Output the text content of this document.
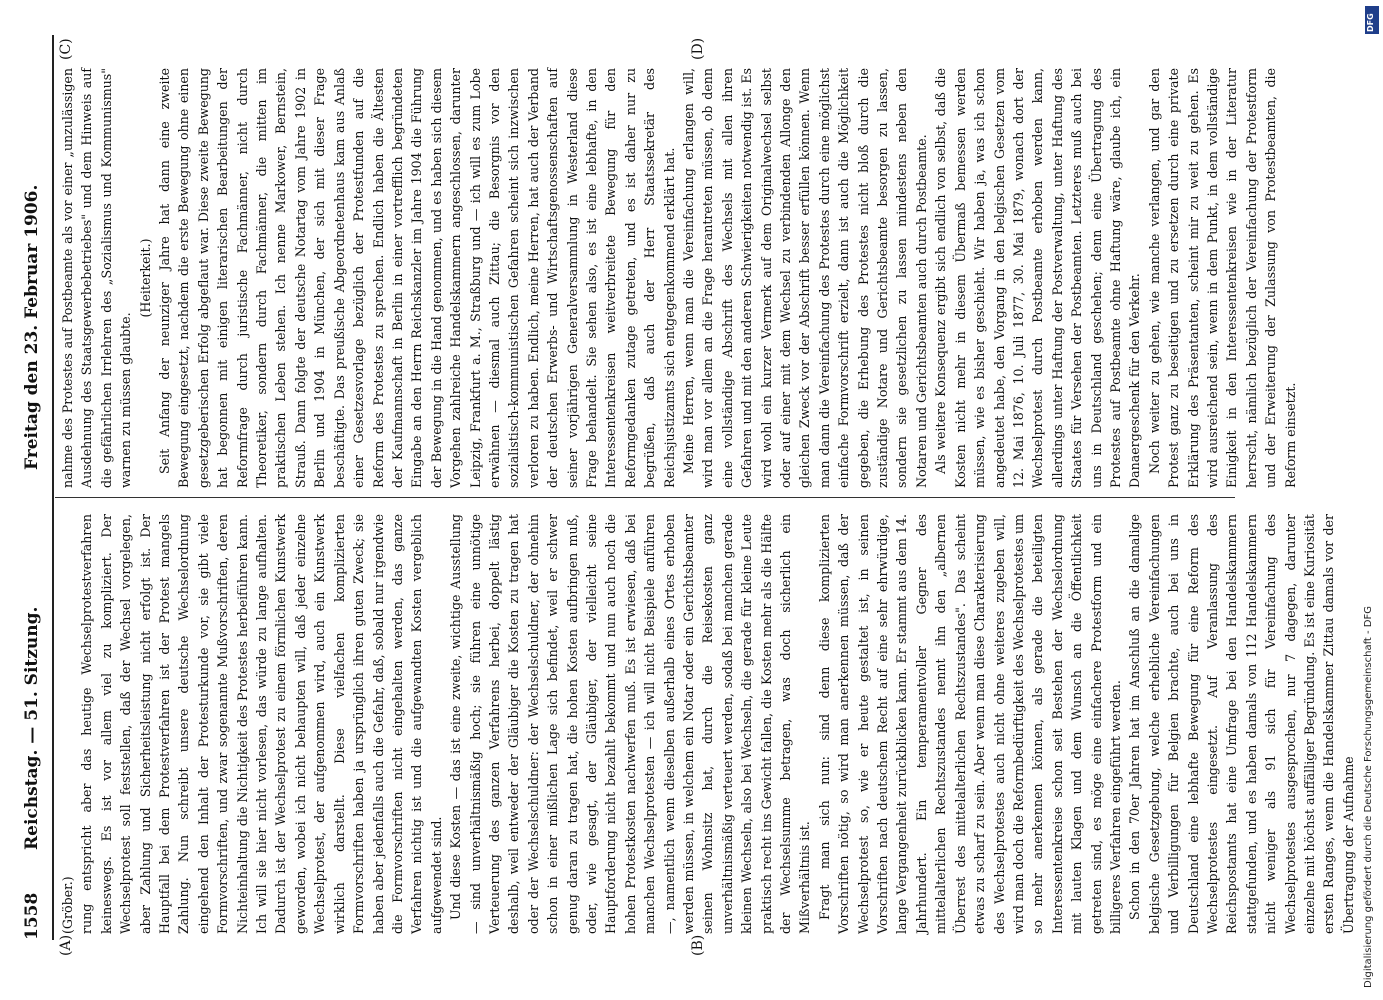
1558
Reichstag. — 51. Sitzung.
Freitag den 23. Februar 1906.
(A)	(B)
(C)	(D)

(Gröber.) rung entspricht aber das heutige Wechselprotestverfahren keineswegs. Es ist vor allem viel zu kompliziert. Der Wechselprotest soll feststellen, daß der Wechsel vorgelegen, aber Zahlung und Sicherheitsleistung nicht erfolgt ist. Der Hauptfall bei dem Protestverfahren ist der Protest mangels Zahlung. Nun schreibt unsere deutsche Wechselordnung eingehend den Inhalt der Protesturkunde vor, sie gibt viele Formvorschriften, und zwar sogenannte Mußvorschriften, deren Nichteinhaltung die Nichtigkeit des Protestes herbeiführen kann. Ich will sie hier nicht vorlesen, das würde zu lange aufhalten. Dadurch ist der Wechselprotest zu einem förmlichen Kunstwerk geworden, wobei ich nicht behaupten will, daß jeder einzelne Wechselprotest, der aufgenommen wird, auch ein Kunstwerk wirklich darstellt. Diese vielfachen komplizierten Formvorschriften haben ja ursprünglich ihren guten Zweck; sie haben aber jedenfalls auch die Gefahr, daß, sobald nur irgendwie die Formvorschriften nicht eingehalten werden, das ganze Verfahren nichtig ist und die aufgewandten Kosten vergeblich aufgewendet sind. Und diese Kosten — das ist eine zweite, wichtige Ausstellung — sind unverhältnismäßig hoch; sie führen eine unnötige Verteuerung des ganzen Verfahrens herbei, doppelt lästig deshalb, weil entweder der Gläubiger die Kosten zu tragen hat oder der Wechselschuldner: der Wechselschuldner, der ohnehin schon in einer mißlichen Lage sich befindet, weil er schwer genug daran zu tragen hat, die hohen Kosten aufbringen muß, oder, wie gesagt, der Gläubiger, der vielleicht seine Hauptforderung nicht bezahlt bekommt und nun auch noch die hohen Protestkosten nachwerfen muß. Es ist erwiesen, daß bei manchen Wechselprotesten — ich will nicht Beispiele anführen —, namentlich wenn dieselben außerhalb eines Ortes erhoben werden müssen, in welchem ein Notar oder ein Gerichtsbeamter seinen Wohnsitz hat, durch die Reisekosten ganz unverhältnismäßig verteuert werden, sodaß bei manchen gerade kleinen Wechseln, also bei Wechseln, die gerade für kleine Leute praktisch recht ins Gewicht fallen, die Kosten mehr als die Hälfte der Wechselsumme betragen, was doch sicherlich ein Mißverhältnis ist. Fragt man sich nun: sind denn diese komplizierten Vorschriften nötig, so wird man anerkennen müssen, daß der Wechselprotest so, wie er heute gestaltet ist, in seinen Vorschriften nach deutschem Recht auf eine sehr ehrwürdige, lange Vergangenheit zurückblicken kann. Er stammt aus dem 14. Jahrhundert. Ein temperamentvoller Gegner des mittelalterlichen Rechtszustandes nennt ihn den „albernen Überrest des mittelalterlichen Rechtszustandes". Das scheint etwas zu scharf zu sein. Aber wenn man diese Charakterisierung des Wechselprotestes auch nicht ohne weiteres zugeben will, wird man doch die Reformbedürftigkeit des Wechselprotestes um so mehr anerkennen können, als gerade die beteiligten Interessentenkreise schon seit Bestehen der Wechselordnung mit lauten Klagen und dem Wunsch an die Öffentlichkeit getreten sind, es möge eine einfachere Protestform und ein billigeres Verfahren eingeführt werden. Schon in den 70er Jahren hat im Anschluß an die damalige belgische Gesetzgebung, welche erhebliche Vereinfachungen und Verbilligungen für Belgien brachte, auch bei uns in Deutschland eine lebhafte Bewegung für eine Reform des Wechselprotestes eingesetzt. Auf Veranlassung des Reichspostamts hat eine Umfrage bei den Handelskammern stattgefunden, und es haben damals von 112 Handelskammern nicht weniger als 91 sich für Vereinfachung des Wechselprotestes ausgesprochen, nur 7 dagegen, darunter einzelne mit höchst auffälliger Begründung. Es ist eine Kuriosität ersten Ranges, wenn die Handelskammer Zittau damals vor der Übertragung der Aufnahme

nahme des Protestes auf Postbeamte als vor einer „unzulässigen Ausdehnung des Staatsgewerbebetriebes" und dem Hinweis auf die gefährlichen Irrlehren des „Sozialismus und Kommunismus" warnen zu müssen glaubte.

(Heiterkeit.) Seit Anfang der neunziger Jahre hat dann eine zweite Bewegung eingesetzt, nachdem die erste Bewegung ohne einen gesetzgeberischen Erfolg abgeflaut war. Diese zweite Bewegung hat begonnen mit einigen literarischen Bearbeitungen der Reformfrage durch juristische Fachmänner, nicht durch Theoretiker, sondern durch Fachmänner, die mitten im praktischen Leben stehen. Ich nenne Markower, Bernstein, Strauß. Dann folgte der deutsche Notartag vom Jahre 1902 in Berlin und 1904 in München, der sich mit dieser Frage beschäftigte. Das preußische Abgeordnetenhaus kam aus Anlaß einer Gesetzesvorlage bezüglich der Protestfunden auf die Reform des Protestes zu sprechen. Endlich haben die Ältesten der Kaufmannschaft in Berlin in einer vortrefflich begründeten Eingabe an den Herrn Reichskanzler im Jahre 1904 die Führung der Bewegung in die Hand genommen, und es haben sich diesem Vorgehen zahlreiche Handelskammern angeschlossen, darunter Leipzig, Frankfurt a. M., Straßburg und — ich will es zum Lobe erwähnen — diesmal auch Zittau; die Besorgnis vor den sozialistisch-kommunistischen Gefahren scheint sich inzwischen verloren zu haben. Endlich, meine Herren, hat auch der Verband der deutschen Erwerbs- und Wirtschaftsgenossenschaften auf seiner vorjährigen Generalversammlung in Westerland diese Frage behandelt. Sie sehen also, es ist eine lebhafte, in den Interessentenkreisen weitverbreitete Bewegung für den Reformgedanken zutage getreten, und es ist daher nur zu begrüßen, daß auch der Herr Staatssekretär des Reichsjustizamts sich entgegenkommend erklärt hat. Meine Herren, wenn man die Vereinfachung erlangen will, wird man vor allem an die Frage herantreten müssen, ob denn eine vollständige Abschrift des Wechsels mit allen ihren Gefahren und mit den anderen Schwierigkeiten notwendig ist. Es wird wohl ein kurzer Vermerk auf dem Originalwechsel selbst oder auf einer mit dem Wechsel zu verbindenden Allonge den gleichen Zweck vor der Abschrift besser erfüllen können. Wenn man dann die Vereinfachung des Protestes durch eine möglichst einfache Formvorschrift erzielt, dann ist auch die Möglichkeit gegeben, die Erhebung des Protestes nicht bloß durch die zuständige Notare und Gerichtsbeamte besorgen zu lassen, sondern sie gesetzlichen zu lassen mindestens neben den Notaren und Gerichtsbeamten auch durch Postbeamte. Als weitere Konsequenz ergibt sich endlich von selbst, daß die Kosten nicht mehr in diesem Übermaß bemessen werden müssen, wie es bisher geschieht. Wir haben ja, was ich schon angedeutet habe, den Vorgang in den belgischen Gesetzen vom 12. Mai 1876, 10. Juli 1877, 30. Mai 1879, wonach dort der Wechselprotest durch Postbeamte erhoben werden kann, allerdings unter Haftung der Postverwaltung, unter Haftung des Staates für Versehen der Postbeamten. Letzteres muß auch bei uns in Deutschland geschehen; denn eine Übertragung des Protestes auf Postbeamte ohne Haftung wäre, glaube ich, ein Danaergeschenk für den Verkehr. Noch weiter zu gehen, wie manche verlangen, und gar den Protest ganz zu beseitigen und zu ersetzen durch eine private Erklärung des Präsentanten, scheint mir zu weit zu gehen. Es wird ausreichend sein, wenn in dem Punkt, in dem vollständige Einigkeit in den Interessentenkreisen wie in der Literatur herrscht, nämlich bezüglich der Vereinfachung der Protestform und der Erweiterung der Zulassung von Protestbeamten, die Reform einsetzt.

DFG
Digitalisierung gefördert durch die Deutsche Forschungsgemeinschaft - DFG
